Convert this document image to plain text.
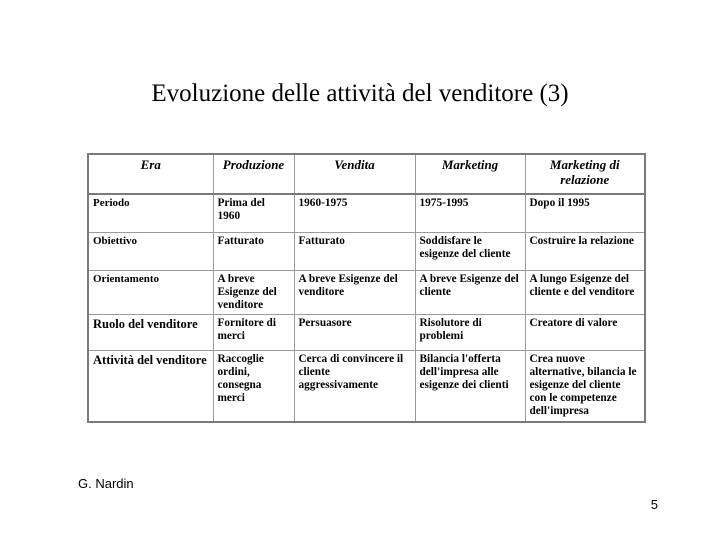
Evoluzione delle attività del venditore (3)
Era	Produzione	Vendita	Marketing	Marketing di relazione
Periodo	Prima del 1960	1960-1975	1975-1995	Dopo il 1995
Obiettivo	Fatturato	Fatturato	Soddisfare le esigenze del cliente	Costruire la relazione
Orientamento	A breve Esigenze del venditore	A breve Esigenze del venditore	A breve Esigenze del cliente	A lungo Esigenze del cliente e del venditore
Ruolo del venditore	Fornitore di merci	Persuasore	Risolutore di problemi	Creatore di valore
Attività del venditore	Raccoglie ordini, consegna merci	Cerca di convincere il cliente aggressivamente	Bilancia l'offerta dell'impresa alle esigenze dei clienti	Crea nuove alternative, bilancia le esigenze del cliente con le competenze dell'impresa
G. Nardin
5
